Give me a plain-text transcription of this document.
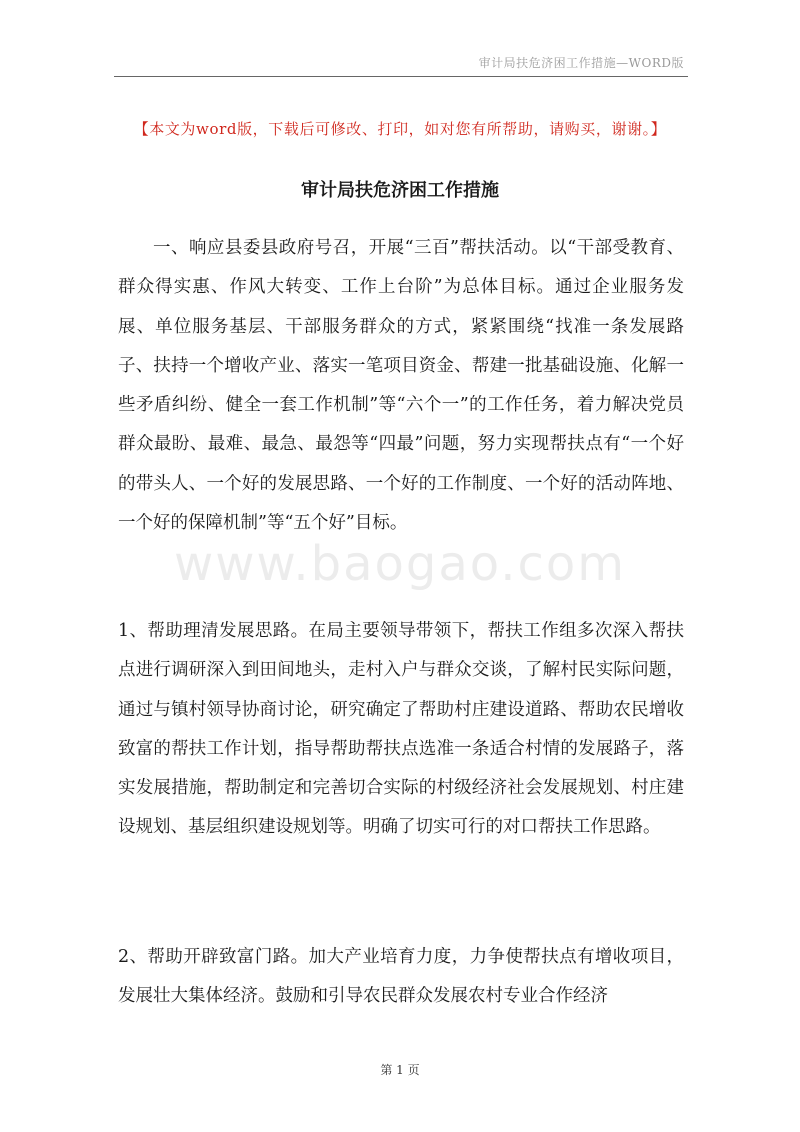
审计局扶危济困工作措施—WORD版
【本文为word版，下载后可修改、打印，如对您有所帮助，请购买，谢谢。】
审计局扶危济困工作措施

一、响应县委县政府号召，开展“三百”帮扶活动。以“干部受教育、群众得实惠、作风大转变、工作上台阶”为总体目标。通过企业服务发展、单位服务基层、干部服务群众的方式，紧紧围绕“找准一条发展路子、扶持一个增收产业、落实一笔项目资金、帮建一批基础设施、化解一些矛盾纠纷、健全一套工作机制”等“六个一”的工作任务，着力解决党员群众最盼、最难、最急、最怨等“四最”问题，努力实现帮扶点有“一个好的带头人、一个好的发展思路、一个好的工作制度、一个好的活动阵地、一个好的保障机制”等“五个好”目标。

1、帮助理清发展思路。在局主要领导带领下，帮扶工作组多次深入帮扶点进行调研深入到田间地头，走村入户与群众交谈，了解村民实际问题，通过与镇村领导协商讨论，研究确定了帮助村庄建设道路、帮助农民增收致富的帮扶工作计划，指导帮助帮扶点选准一条适合村情的发展路子，落实发展措施，帮助制定和完善切合实际的村级经济社会发展规划、村庄建设规划、基层组织建设规划等。明确了切实可行的对口帮扶工作思路。

2、帮助开辟致富门路。加大产业培育力度，力争使帮扶点有增收项目，发展壮大集体经济。鼓励和引导农民群众发展农村专业合作经济

www.baogao.com
第 1 页
